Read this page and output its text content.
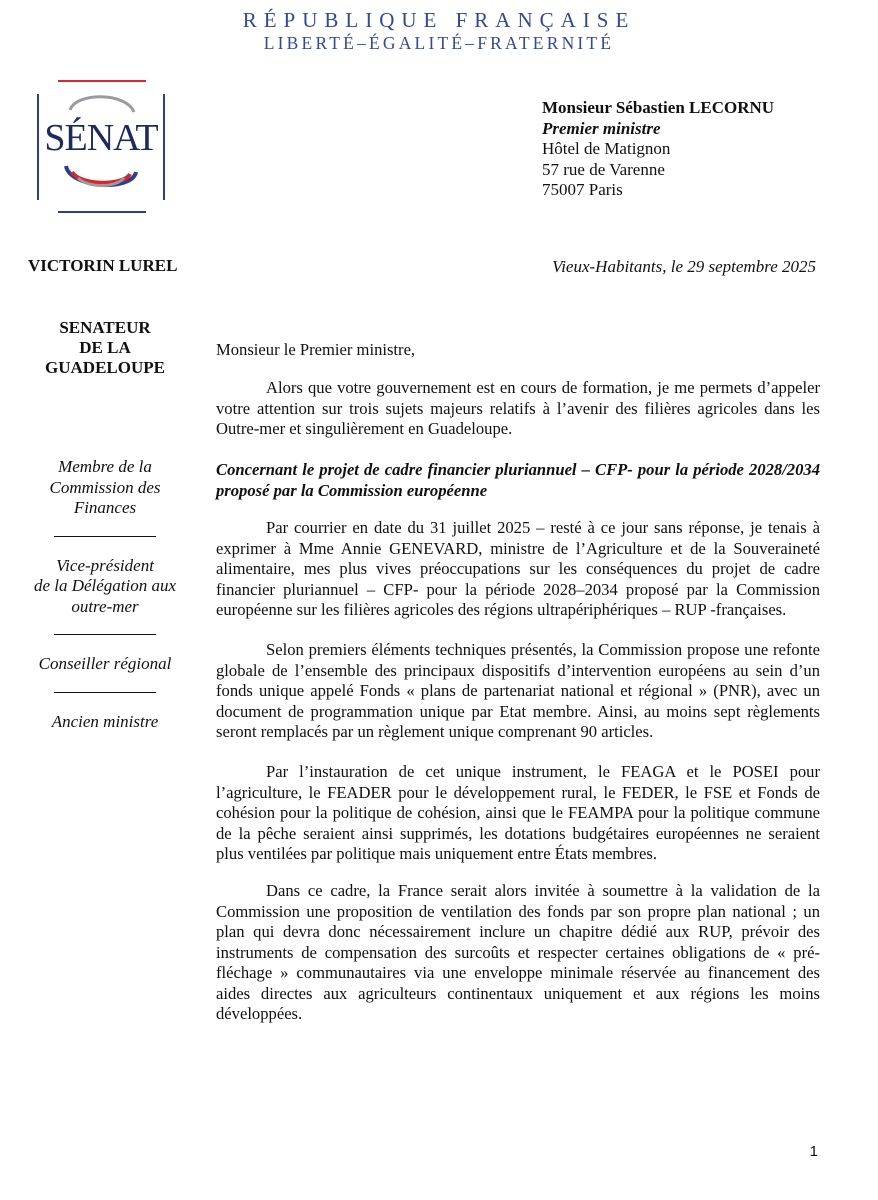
RÉPUBLIQUE FRANÇAISE
LIBERTÉ–ÉGALITÉ–FRATERNITÉ
SÉNAT
Monsieur Sébastien LECORNU
Premier ministre
Hôtel de Matignon
57 rue de Varenne
75007 Paris
VICTORIN LUREL	Vieux-Habitants, le 29 septembre 2025
SENATEUR
DE LA
GUADELOUPE
Membre de la
Commission des
Finances
Vice-président
de la Délégation aux
outre-mer
Conseiller régional
Ancien ministre
Monsieur le Premier ministre,
Alors que votre gouvernement est en cours de formation, je me permets d’appeler votre attention sur trois sujets majeurs relatifs à l’avenir des filières agricoles dans les Outre-mer et singulièrement en Guadeloupe.
Concernant le projet de cadre financier pluriannuel – CFP- pour la période 2028/2034 proposé par la Commission européenne
Par courrier en date du 31 juillet 2025 – resté à ce jour sans réponse, je tenais à exprimer à Mme Annie GENEVARD, ministre de l’Agriculture et de la Souveraineté alimentaire, mes plus vives préoccupations sur les conséquences du projet de cadre financier pluriannuel – CFP- pour la période 2028–2034 proposé par la Commission européenne sur les filières agricoles des régions ultrapériphériques – RUP -françaises.
Selon premiers éléments techniques présentés, la Commission propose une refonte globale de l’ensemble des principaux dispositifs d’intervention européens au sein d’un fonds unique appelé Fonds « plans de partenariat national et régional » (PNR), avec un document de programmation unique par Etat membre. Ainsi, au moins sept règlements seront remplacés par un règlement unique comprenant 90 articles.
Par l’instauration de cet unique instrument, le FEAGA et le POSEI pour l’agriculture, le FEADER pour le développement rural, le FEDER, le FSE et Fonds de cohésion pour la politique de cohésion, ainsi que le FEAMPA pour la politique commune de la pêche seraient ainsi supprimés, les dotations budgétaires européennes ne seraient plus ventilées par politique mais uniquement entre États membres.
Dans ce cadre, la France serait alors invitée à soumettre à la validation de la Commission une proposition de ventilation des fonds par son propre plan national ; un plan qui devra donc nécessairement inclure un chapitre dédié aux RUP, prévoir des instruments de compensation des surcoûts et respecter certaines obligations de « pré-fléchage » communautaires via une enveloppe minimale réservée au financement des aides directes aux agriculteurs continentaux uniquement et aux régions les moins développées.
1
